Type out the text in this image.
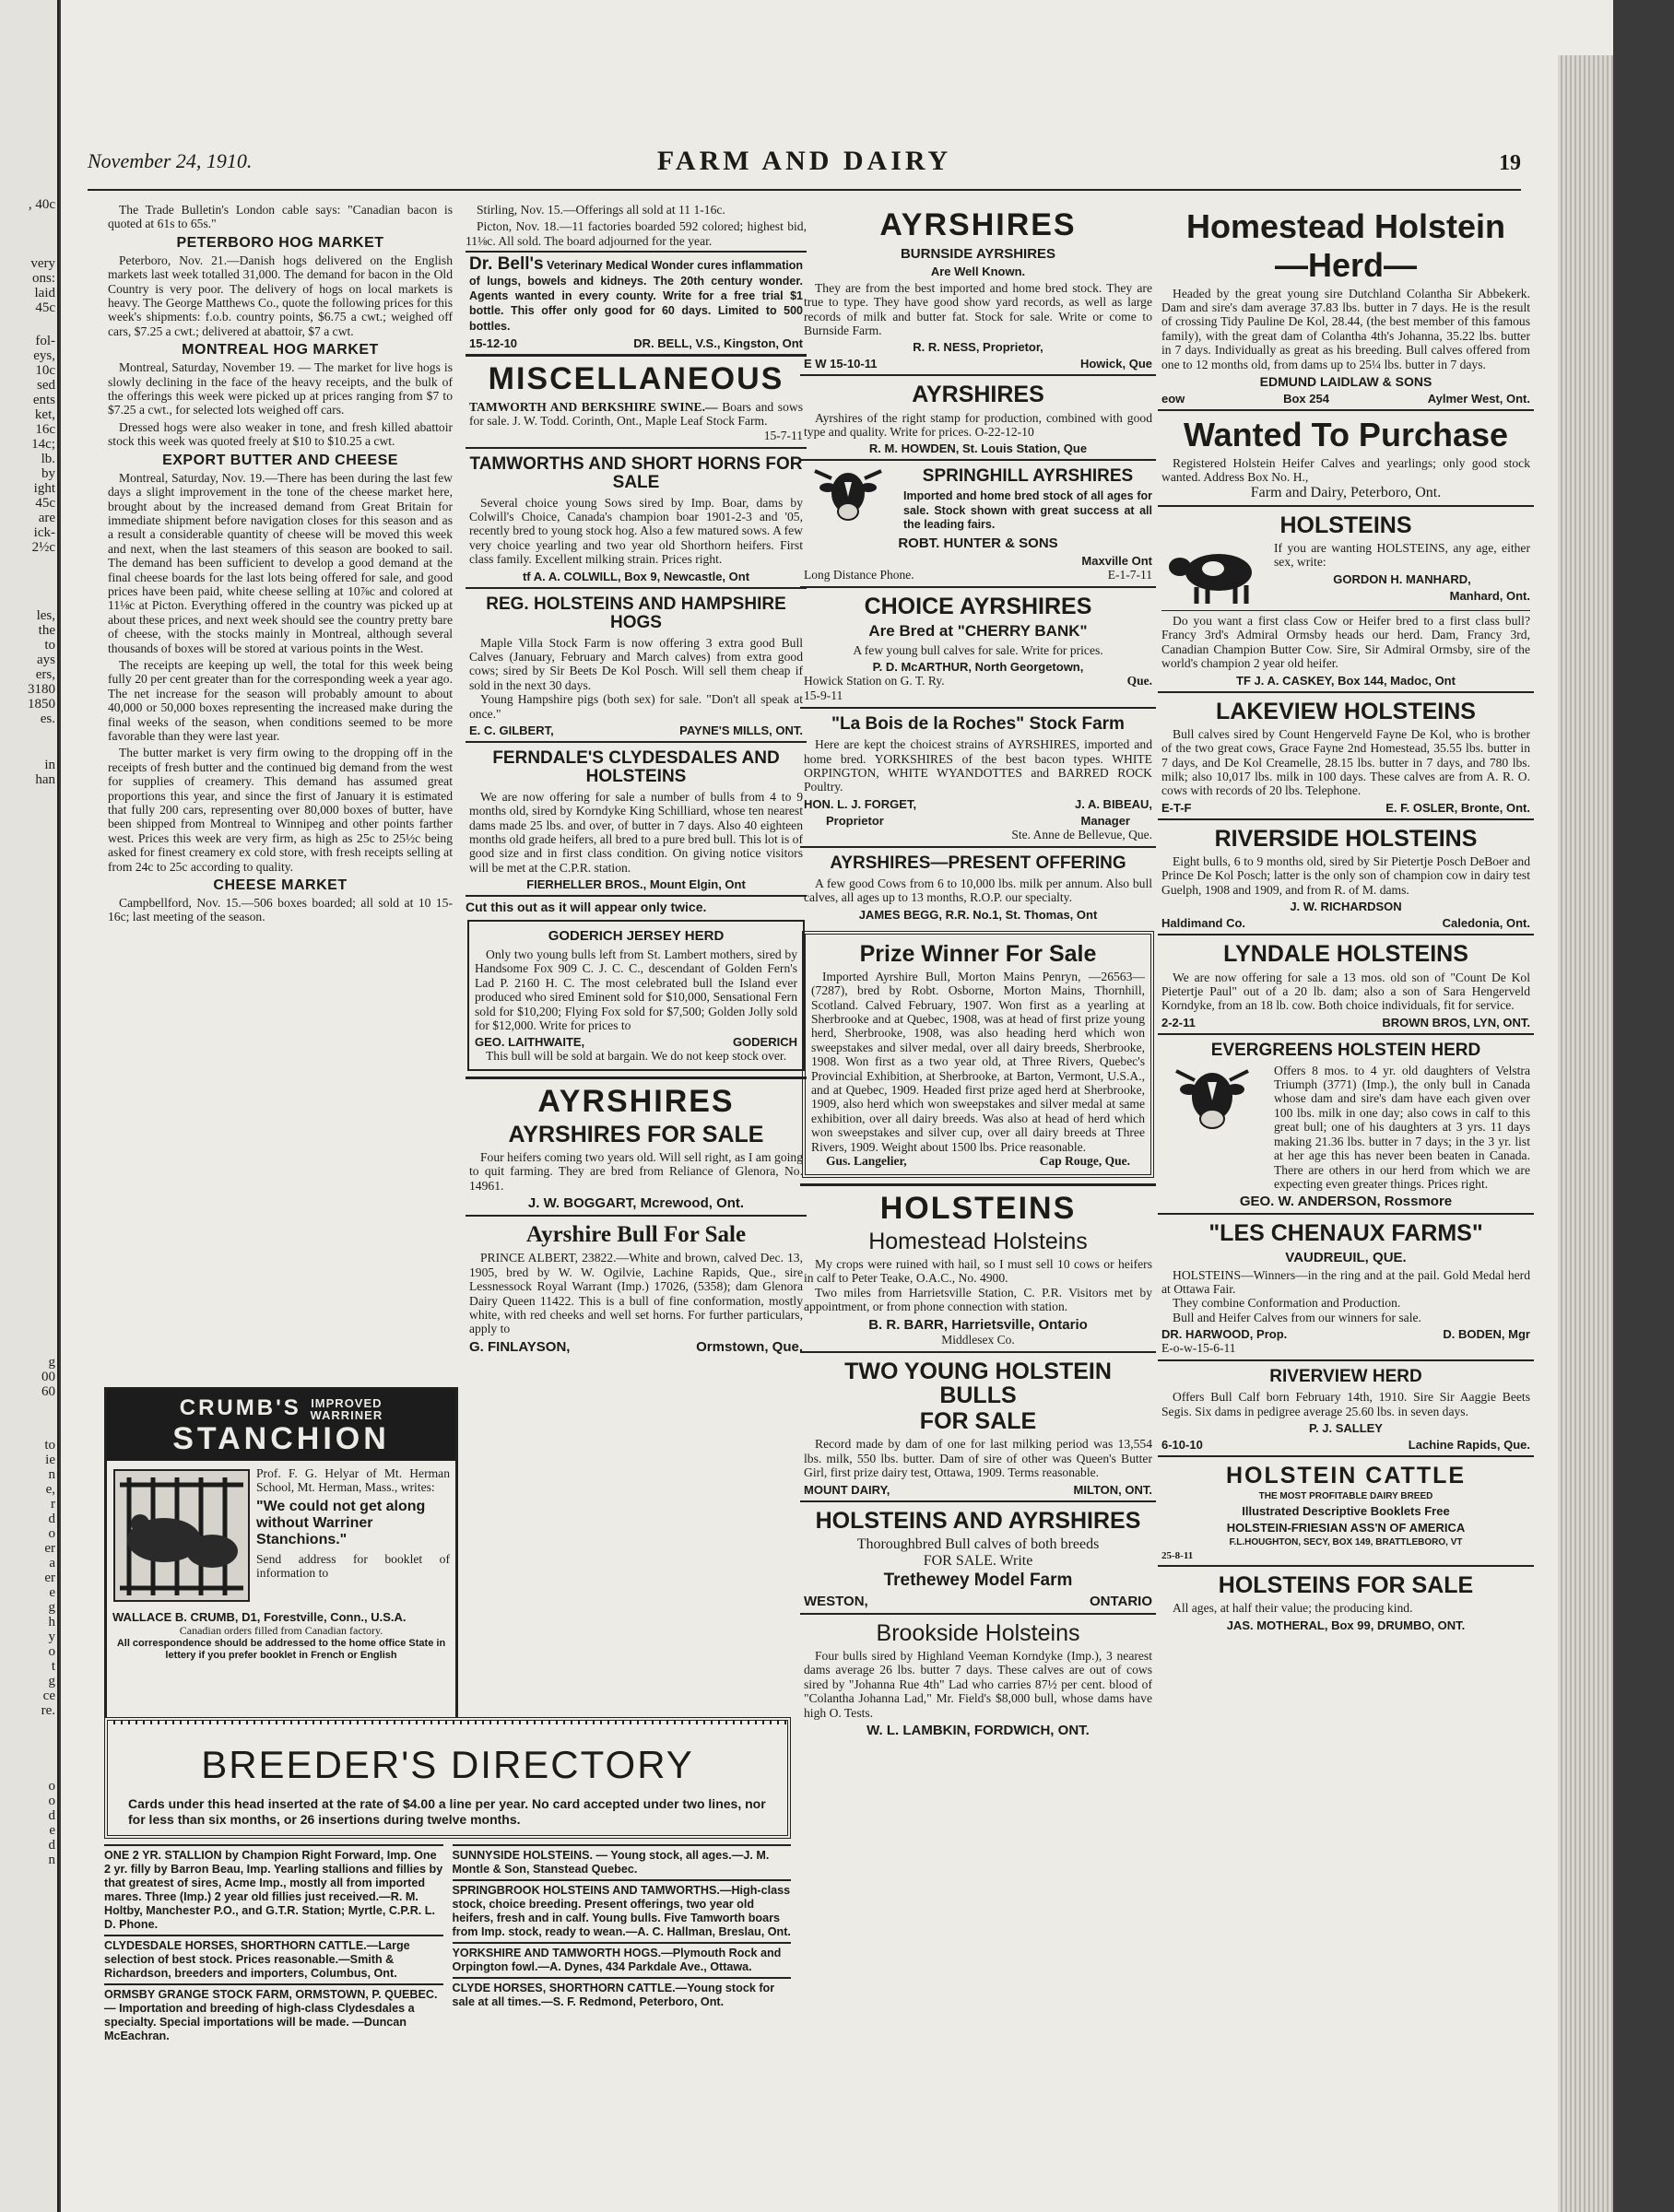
, 40c
very
ons:
laid
45c
fol-
eys,
10c
sed
ents
ket,
16c
14c;
lb.
by
ight
45c
are
ick-
2½c
les,
the
to
ays
ers,
3180
1850
es.
in
han
g
00
60
to
ie
n
e,
r
d
o
er
a
er
e
g
h
y
o
t
g
ce
re.
o
o
d
e
d
n
November 24, 1910.	FARM AND DAIRY	19

The Trade Bulletin's London cable says: "Canadian bacon is quoted at 61s to 65s."

PETERBORO HOG MARKET

Peterboro, Nov. 21.—Danish hogs delivered on the English markets last week totalled 31,000. The demand for bacon in the Old Country is very poor. The delivery of hogs on local markets is heavy. The George Matthews Co., quote the following prices for this week's shipments: f.o.b. country points, $6.75 a cwt.; weighed off cars, $7.25 a cwt.; delivered at abattoir, $7 a cwt.

MONTREAL HOG MARKET

Montreal, Saturday, November 19. — The market for live hogs is slowly declining in the face of the heavy receipts, and the bulk of the offerings this week were picked up at prices ranging from $7 to $7.25 a cwt., for selected lots weighed off cars.

Dressed hogs were also weaker in tone, and fresh killed abattoir stock this week was quoted freely at $10 to $10.25 a cwt.

EXPORT BUTTER AND CHEESE

Montreal, Saturday, Nov. 19.—There has been during the last few days a slight improvement in the tone of the cheese market here, brought about by the increased demand from Great Britain for immediate shipment before navigation closes for this season and as a result a considerable quantity of cheese will be moved this week and next, when the last steamers of this season are booked to sail. The demand has been sufficient to develop a good demand at the final cheese boards for the last lots being offered for sale, and good prices have been paid, white cheese selling at 10⅞c and colored at 11⅛c at Picton. Everything offered in the country was picked up at about these prices, and next week should see the country pretty bare of cheese, with the stocks mainly in Montreal, although several thousands of boxes will be stored at various points in the West.

The receipts are keeping up well, the total for this week being fully 20 per cent greater than for the corresponding week a year ago. The net increase for the season will probably amount to about 40,000 or 50,000 boxes representing the increased make during the final weeks of the season, when conditions seemed to be more favorable than they were last year.

The butter market is very firm owing to the dropping off in the receipts of fresh butter and the continued big demand from the west for supplies of creamery. This demand has assumed great proportions this year, and since the first of January it is estimated that fully 200 cars, representing over 80,000 boxes of butter, have been shipped from Montreal to Winnipeg and other points farther west. Prices this week are very firm, as high as 25c to 25½c being asked for finest creamery ex cold store, with fresh receipts selling at from 24c to 25c according to quality.

CHEESE MARKET

Campbellford, Nov. 15.—506 boxes boarded; all sold at 10 15-16c; last meeting of the season.

CRUMB'S IMPROVED
WARRINER
STANCHION
Prof. F. G. Helyar of Mt. Herman School, Mt. Herman, Mass., writes:
"We could not get along without Warriner Stanchions."
Send address for booklet of information to
WALLACE B. CRUMB, D1, Forestville, Conn., U.S.A.
Canadian orders filled from Canadian factory.
All correspondence should be addressed to the home office State in lettery if you prefer booklet in French or English

Stirling, Nov. 15.—Offerings all sold at 11 1-16c.

Picton, Nov. 18.—11 factories boarded 592 colored; highest bid, 11⅛c. All sold. The board adjourned for the year.

Dr. Bell's Veterinary Medical Wonder cures inflammation of lungs, bowels and kidneys. The 20th century wonder. Agents wanted in every county. Write for a free trial $1 bottle. This offer only good for 60 days. Limited to 500 bottles.
15-12-10	DR. BELL, V.S., Kingston, Ont
MISCELLANEOUS
TAMWORTH AND BERKSHIRE SWINE.— Boars and sows for sale. J. W. Todd. Corinth, Ont., Maple Leaf Stock Farm.
15-7-11
TAMWORTHS AND SHORT HORNS FOR SALE
Several choice young Sows sired by Imp. Boar, dams by Colwill's Choice, Canada's champion boar 1901-2-3 and '05, recently bred to young stock hog. Also a few matured sows. A few very choice yearling and two year old Shorthorn heifers. First class family. Excellent milking strain. Prices right.
tf A. A. COLWILL, Box 9, Newcastle, Ont
REG. HOLSTEINS AND HAMPSHIRE HOGS
Maple Villa Stock Farm is now offering 3 extra good Bull Calves (January, February and March calves) from extra good cows; sired by Sir Beets De Kol Posch. Will sell them cheap if sold in the next 30 days.
Young Hampshire pigs (both sex) for sale. "Don't all speak at once."
E. C. GILBERT,	PAYNE'S MILLS, ONT.
FERNDALE'S CLYDESDALES AND HOLSTEINS
We are now offering for sale a number of bulls from 4 to 9 months old, sired by Korndyke King Schilliard, whose ten nearest dams made 25 lbs. and over, of butter in 7 days. Also 40 eighteen months old grade heifers, all bred to a pure bred bull. This lot is of good size and in first class condition. On giving notice visitors will be met at the C.P.R. station.
FIERHELLER BROS., Mount Elgin, Ont
Cut this out as it will appear only twice.
GODERICH JERSEY HERD
Only two young bulls left from St. Lambert mothers, sired by Handsome Fox 909 C. J. C. C., descendant of Golden Fern's Lad P. 2160 H. C. The most celebrated bull the Island ever produced who sired Eminent sold for $10,000, Sensational Fern sold for $10,200; Flying Fox sold for $7,500; Golden Jolly sold for $12,000. Write for prices to
GEO. LAITHWAITE,	GODERICH
This bull will be sold at bargain. We do not keep stock over.
AYRSHIRES
AYRSHIRES FOR SALE
Four heifers coming two years old. Will sell right, as I am going to quit farming. They are bred from Reliance of Glenora, No. 14961.
J. W. BOGGART, Mcrewood, Ont.
Ayrshire Bull For Sale
PRINCE ALBERT, 23822.—White and brown, calved Dec. 13, 1905, bred by W. W. Ogilvie, Lachine Rapids, Que., sire Lessnessock Royal Warrant (Imp.) 17026, (5358); dam Glenora Dairy Queen 11422. This is a bull of fine conformation, mostly white, with red cheeks and well set horns. For further particulars, apply to
G. FINLAYSON,	Ormstown, Que.
AYRSHIRES
BURNSIDE AYRSHIRES
Are Well Known.
They are from the best imported and home bred stock. They are true to type. They have good show yard records, as well as large records of milk and butter fat. Stock for sale. Write or come to Burnside Farm.
R. R. NESS, Proprietor,
E W 15-10-11	Howick, Que
AYRSHIRES
Ayrshires of the right stamp for production, combined with good type and quality. Write for prices. O-22-12-10
R. M. HOWDEN, St. Louis Station, Que
SPRINGHILL AYRSHIRES
Imported and home bred stock of all ages for sale. Stock shown with great success at all the leading fairs.
ROBT. HUNTER & SONS
Maxville Ont
Long Distance Phone.	E-1-7-11
CHOICE AYRSHIRES
Are Bred at "CHERRY BANK"
A few young bull calves for sale. Write for prices.
P. D. McARTHUR, North Georgetown,
Howick Station on G. T. Ry.	Que.
15-9-11
"La Bois de la Roches" Stock Farm
Here are kept the choicest strains of AYRSHIRES, imported and home bred. YORKSHIRES of the best bacon types. WHITE ORPINGTON, WHITE WYANDOTTES and BARRED ROCK Poultry.
HON. L. J. FORGET,	J. A. BIBEAU,
Proprietor	Manager
Ste. Anne de Bellevue, Que.
AYRSHIRES—PRESENT OFFERING
A few good Cows from 6 to 10,000 lbs. milk per annum. Also bull calves, all ages up to 13 months, R.O.P. our specialty.
JAMES BEGG, R.R. No.1, St. Thomas, Ont
Prize Winner For Sale
Imported Ayrshire Bull, Morton Mains Penryn, —26563— (7287), bred by Robt. Osborne, Morton Mains, Thornhill, Scotland. Calved February, 1907. Won first as a yearling at Sherbrooke and at Quebec, 1908, was at head of first prize young herd, Sherbrooke, 1908, was also heading herd which won sweepstakes and silver medal, over all dairy breeds, Sherbrooke, 1908. Won first as a two year old, at Three Rivers, Quebec's Provincial Exhibition, at Sherbrooke, at Barton, Vermont, U.S.A., and at Quebec, 1909. Headed first prize aged herd at Sherbrooke, 1909, also herd which won sweepstakes and silver medal at same exhibition, over all dairy breeds. Was also at head of herd which won sweepstakes and silver cup, over all dairy breeds at Three Rivers, 1909. Weight about 1500 lbs. Price reasonable.
Gus. Langelier,	Cap Rouge, Que.
HOLSTEINS
Homestead Holsteins
My crops were ruined with hail, so I must sell 10 cows or heifers in calf to Peter Teake, O.A.C., No. 4900.
Two miles from Harrietsville Station, C. P.R. Visitors met by appointment, or from phone connection with station.
B. R. BARR, Harrietsville, Ontario
Middlesex Co.
TWO YOUNG HOLSTEIN BULLS
FOR SALE
Record made by dam of one for last milking period was 13,554 lbs. milk, 550 lbs. butter. Dam of sire of other was Queen's Butter Girl, first prize dairy test, Ottawa, 1909. Terms reasonable.
MOUNT DAIRY,	MILTON, ONT.
HOLSTEINS AND AYRSHIRES
Thoroughbred Bull calves of both breeds
FOR SALE. Write
Trethewey Model Farm
WESTON,	ONTARIO
Brookside Holsteins
Four bulls sired by Highland Veeman Korndyke (Imp.), 3 nearest dams average 26 lbs. butter 7 days. These calves are out of cows sired by "Johanna Rue 4th" Lad who carries 87½ per cent. blood of "Colantha Johanna Lad," Mr. Field's $8,000 bull, whose dams have high O. Tests.
W. L. LAMBKIN, FORDWICH, ONT.
Homestead Holstein
—Herd—
Headed by the great young sire Dutchland Colantha Sir Abbekerk. Dam and sire's dam average 37.83 lbs. butter in 7 days. He is the result of crossing Tidy Pauline De Kol, 28.44, (the best member of this famous family), with the great dam of Colantha 4th's Johanna, 35.22 lbs. butter in 7 days. Individually as great as his breeding. Bull calves offered from one to 12 months old, from dams up to 25¼ lbs. butter in 7 days.
EDMUND LAIDLAW & SONS
eow	Box 254	Aylmer West, Ont.
Wanted To Purchase
Registered Holstein Heifer Calves and yearlings; only good stock wanted. Address Box No. H.,
Farm and Dairy, Peterboro, Ont.
HOLSTEINS
If you are wanting HOLSTEINS, any age, either sex, write:
GORDON H. MANHARD,
Manhard, Ont.
Do you want a first class Cow or Heifer bred to a first class bull? Francy 3rd's Admiral Ormsby heads our herd. Dam, Francy 3rd, Canadian Champion Butter Cow. Sire, Sir Admiral Ormsby, sire of the world's champion 2 year old heifer.
TF J. A. CASKEY, Box 144, Madoc, Ont
LAKEVIEW HOLSTEINS
Bull calves sired by Count Hengerveld Fayne De Kol, who is brother of the two great cows, Grace Fayne 2nd Homestead, 35.55 lbs. butter in 7 days, and De Kol Creamelle, 28.15 lbs. butter in 7 days, and 780 lbs. milk; also 10,017 lbs. milk in 100 days. These calves are from A. R. O. cows with records of 20 lbs. Telephone.
E-T-F	E. F. OSLER, Bronte, Ont.
RIVERSIDE HOLSTEINS
Eight bulls, 6 to 9 months old, sired by Sir Pietertje Posch DeBoer and Prince De Kol Posch; latter is the only son of champion cow in dairy test Guelph, 1908 and 1909, and from R. of M. dams.
J. W. RICHARDSON
Haldimand Co.	Caledonia, Ont.
LYNDALE HOLSTEINS
We are now offering for sale a 13 mos. old son of "Count De Kol Pietertje Paul" out of a 20 lb. dam; also a son of Sara Hengerveld Korndyke, from an 18 lb. cow. Both choice individuals, fit for service.
2-2-11	BROWN BROS, LYN, ONT.
EVERGREENS HOLSTEIN HERD
Offers 8 mos. to 4 yr. old daughters of Velstra Triumph (3771) (Imp.), the only bull in Canada whose dam and sire's dam have each given over 100 lbs. milk in one day; also cows in calf to this great bull; one of his daughters at 3 yrs. 11 days making 21.36 lbs. butter in 7 days; in the 3 yr. list at her age this has never been beaten in Canada. There are others in our herd from which we are expecting even greater things. Prices right.
GEO. W. ANDERSON, Rossmore
"LES CHENAUX FARMS"
VAUDREUIL, QUE.
HOLSTEINS—Winners—in the ring and at the pail. Gold Medal herd at Ottawa Fair.
They combine Conformation and Production.
Bull and Heifer Calves from our winners for sale.
DR. HARWOOD, Prop.	D. BODEN, Mgr
E-o-w-15-6-11
RIVERVIEW HERD
Offers Bull Calf born February 14th, 1910. Sire Sir Aaggie Beets Segis. Six dams in pedigree average 25.60 lbs. in seven days.
P. J. SALLEY
6-10-10	Lachine Rapids, Que.
HOLSTEIN CATTLE
THE MOST PROFITABLE DAIRY BREED
Illustrated Descriptive Booklets Free
HOLSTEIN-FRIESIAN ASS'N OF AMERICA
F.L.HOUGHTON, SECY, BOX 149, BRATTLEBORO, VT
25-8-11
HOLSTEINS FOR SALE
All ages, at half their value; the producing kind.
JAS. MOTHERAL, Box 99, DRUMBO, ONT.
BREEDER'S DIRECTORY
Cards under this head inserted at the rate of $4.00 a line per year. No card accepted under two lines, nor for less than six months, or 26 insertions during twelve months.
ONE 2 YR. STALLION by Champion Right Forward, Imp. One 2 yr. filly by Barron Beau, Imp. Yearling stallions and fillies by that greatest of sires, Acme Imp., mostly all from imported mares. Three (Imp.) 2 year old fillies just received.—R. M. Holtby, Manchester P.O., and G.T.R. Station; Myrtle, C.P.R. L. D. Phone.
CLYDESDALE HORSES, SHORTHORN CATTLE.—Large selection of best stock. Prices reasonable.—Smith & Richardson, breeders and importers, Columbus, Ont.
ORMSBY GRANGE STOCK FARM, ORMSTOWN, P. QUEBEC. — Importation and breeding of high-class Clydesdales a specialty. Special importations will be made. —Duncan McEachran.
SUNNYSIDE HOLSTEINS. — Young stock, all ages.—J. M. Montle & Son, Stanstead Quebec.
SPRINGBROOK HOLSTEINS AND TAMWORTHS.—High-class stock, choice breeding. Present offerings, two year old heifers, fresh and in calf. Young bulls. Five Tamworth boars from Imp. stock, ready to wean.—A. C. Hallman, Breslau, Ont.
YORKSHIRE AND TAMWORTH HOGS.—Plymouth Rock and Orpington fowl.—A. Dynes, 434 Parkdale Ave., Ottawa.
CLYDE HORSES, SHORTHORN CATTLE.—Young stock for sale at all times.—S. F. Redmond, Peterboro, Ont.
